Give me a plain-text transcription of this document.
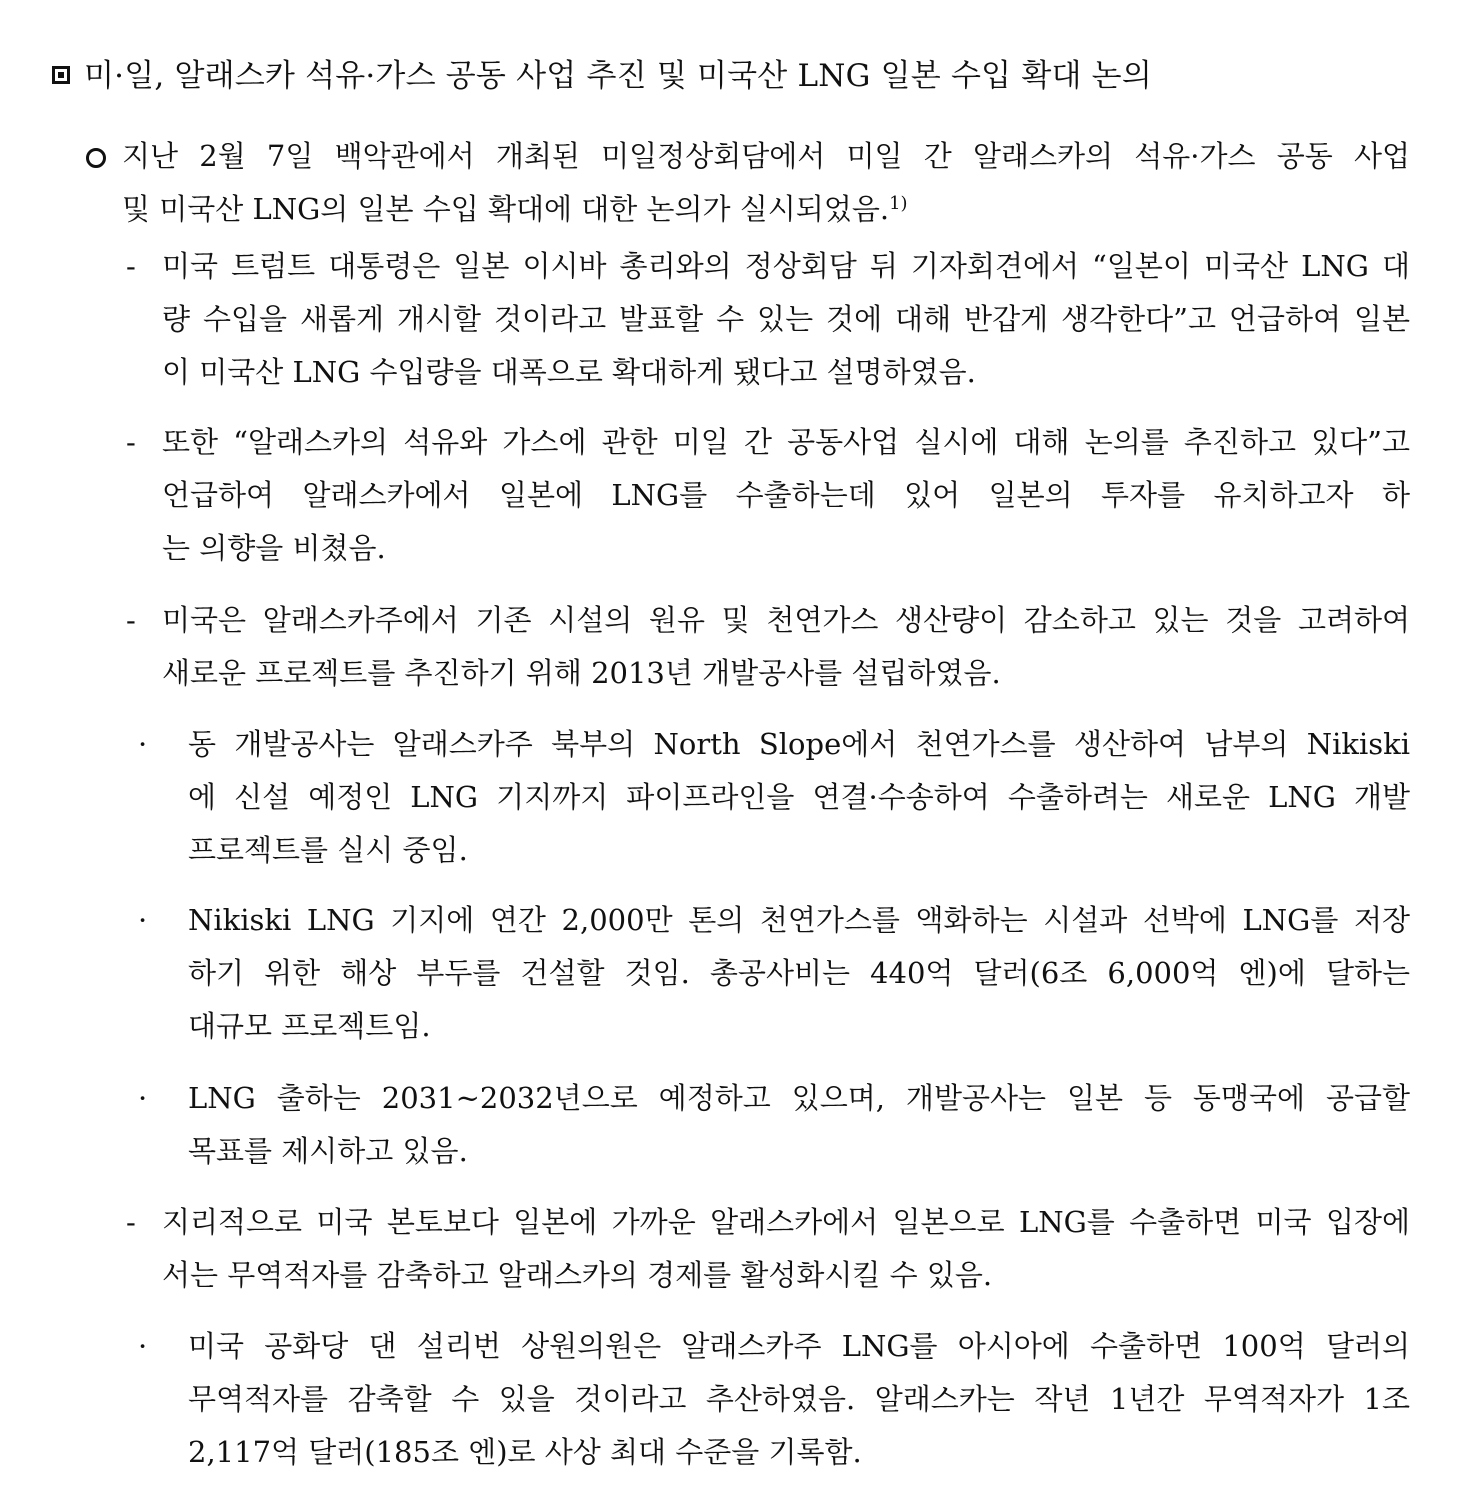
미·일, 알래스카 석유·가스 공동 사업 추진 및 미국산 LNG 일본 수입 확대 논의
지난 2월 7일 백악관에서 개최된 미일정상회담에서 미일 간 알래스카의 석유·가스 공동 사업
및 미국산 LNG의 일본 수입 확대에 대한 논의가 실시되었음.$^{1)}$
- 미국 트럼트 대통령은 일본 이시바 총리와의 정상회담 뒤 기자회견에서 “일본이 미국산 LNG 대
량 수입을 새롭게 개시할 것이라고 발표할 수 있는 것에 대해 반갑게 생각한다”고 언급하여 일본
이 미국산 LNG 수입량을 대폭으로 확대하게 됐다고 설명하였음.
- 또한 “알래스카의 석유와 가스에 관한 미일 간 공동사업 실시에 대해 논의를 추진하고 있다”고
언급하여 알래스카에서 일본에 LNG를 수출하는데 있어 일본의 투자를 유치하고자 하
는 의향을 비쳤음.
- 미국은 알래스카주에서 기존 시설의 원유 및 천연가스 생산량이 감소하고 있는 것을 고려하여
새로운 프로젝트를 추진하기 위해 2013년 개발공사를 설립하였음.
· 동 개발공사는 알래스카주 북부의 North Slope에서 천연가스를 생산하여 남부의 Nikiski
에 신설 예정인 LNG 기지까지 파이프라인을 연결·수송하여 수출하려는 새로운 LNG 개발
프로젝트를 실시 중임.
· Nikiski LNG 기지에 연간 2,000만 톤의 천연가스를 액화하는 시설과 선박에 LNG를 저장
하기 위한 해상 부두를 건설할 것임. 총공사비는 440억 달러(6조 6,000억 엔)에 달하는
대규모 프로젝트임.
· LNG 출하는 2031~2032년으로 예정하고 있으며, 개발공사는 일본 등 동맹국에 공급할
목표를 제시하고 있음.
- 지리적으로 미국 본토보다 일본에 가까운 알래스카에서 일본으로 LNG를 수출하면 미국 입장에
서는 무역적자를 감축하고 알래스카의 경제를 활성화시킬 수 있음.
· 미국 공화당 댄 설리번 상원의원은 알래스카주 LNG를 아시아에 수출하면 100억 달러의
무역적자를 감축할 수 있을 것이라고 추산하였음. 알래스카는 작년 1년간 무역적자가 1조
2,117억 달러(185조 엔)로 사상 최대 수준을 기록함.
